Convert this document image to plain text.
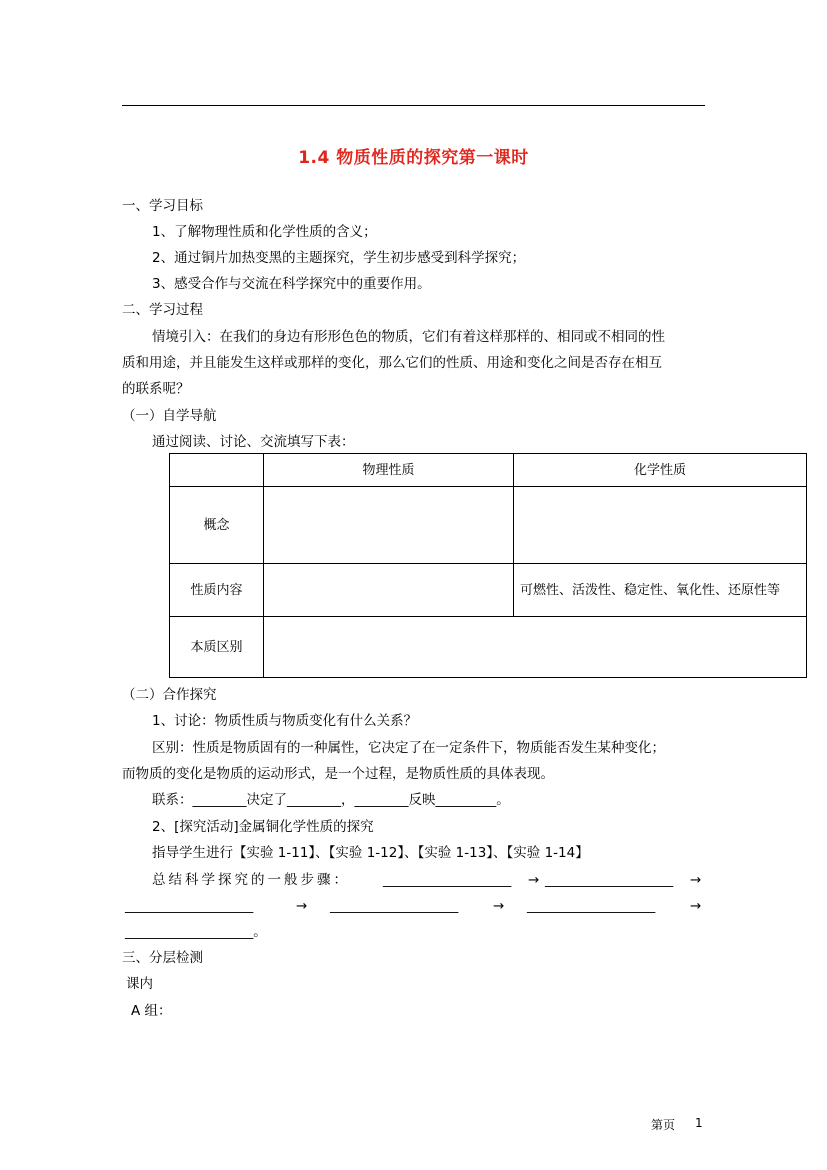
1.4 物质性质的探究第一课时
一、学习目标
1、了解物理性质和化学性质的含义；
2、通过铜片加热变黑的主题探究，学生初步感受到科学探究；
3、感受合作与交流在科学探究中的重要作用。
二、学习过程
情境引入：在我们的身边有形形色色的物质，它们有着这样那样的、相同或不相同的性
质和用途，并且能发生这样或那样的变化，那么它们的性质、用途和变化之间是否存在相互
的联系呢？
（一）自学导航
通过阅读、讨论、交流填写下表：
	物理性质	化学性质
概念		
性质内容		可燃性、活泼性、稳定性、氧化性、还原性等
本质区别		
（二）合作探究
1、讨论：物质性质与物质变化有什么关系？
区别：性质是物质固有的一种属性，它决定了在一定条件下，物质能否发生某种变化；
而物质的变化是物质的运动形式，是一个过程，是物质性质的具体表现。
联系：________决定了________，________反映_________。
2、[探究活动]金属铜化学性质的探究
指导学生进行【实验 1-11】、【实验 1-12】、【实验 1-13】、【实验 1-14】
总结科学探究的一般步骤： ___________________ → ___________________ →
___________________	→ ___________________	→ ___________________	→
___________________。
三、分层检测
课内
A 组：
第页 1
